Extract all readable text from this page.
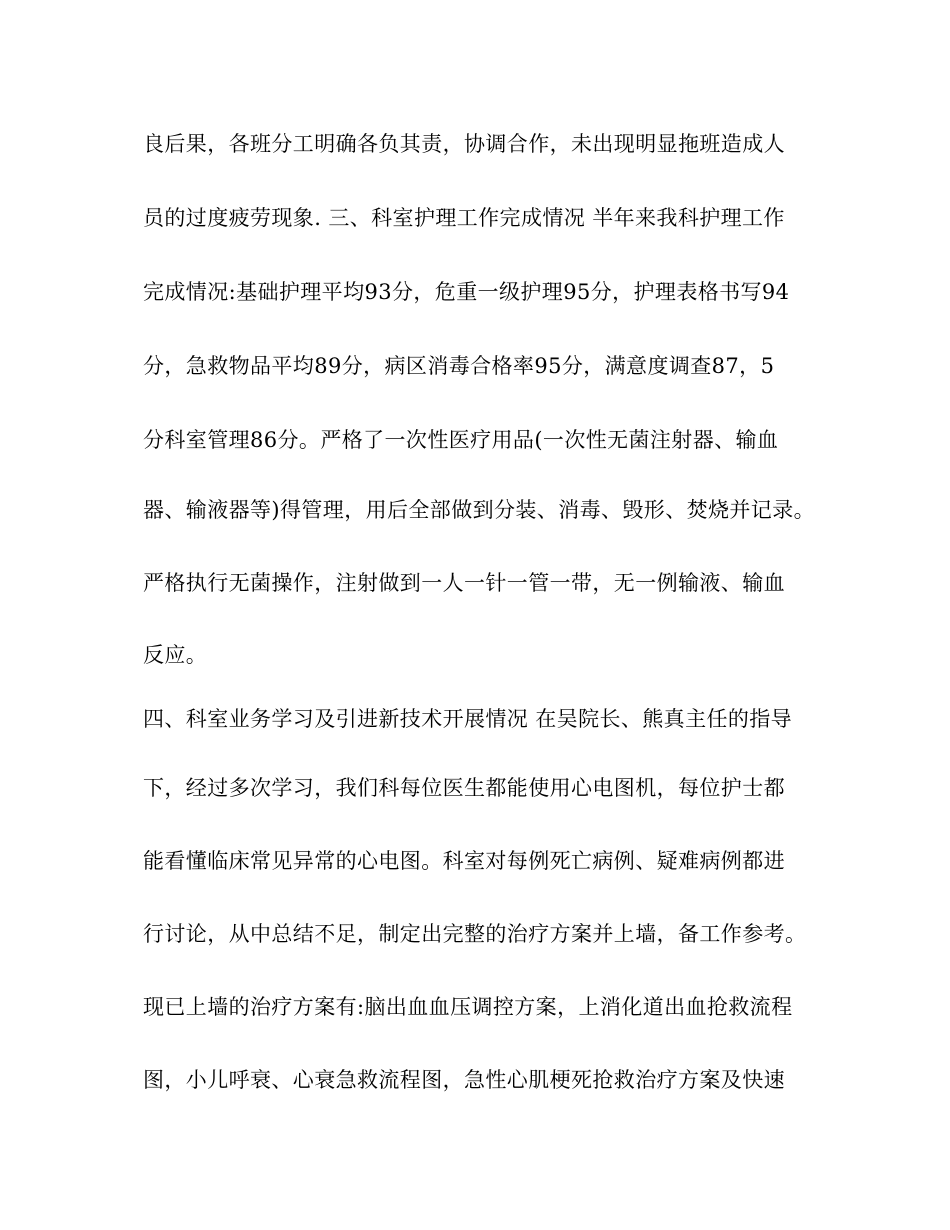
良后果，各班分工明确各负其责，协调合作，未出现明显拖班造成人
员的过度疲劳现象. 三、科室护理工作完成情况 半年来我科护理工作
完成情况:基础护理平均93分，危重一级护理95分，护理表格书写94
分，急救物品平均89分，病区消毒合格率95分，满意度调查87，5
分科室管理86分。严格了一次性医疗用品(一次性无菌注射器、输血
器、输液器等)得管理，用后全部做到分装、消毒、毁形、焚烧并记录。
严格执行无菌操作，注射做到一人一针一管一带，无一例输液、输血
反应。
四、科室业务学习及引进新技术开展情况 在吴院长、熊真主任的指导
下，经过多次学习，我们科每位医生都能使用心电图机，每位护士都
能看懂临床常见异常的心电图。科室对每例死亡病例、疑难病例都进
行讨论，从中总结不足，制定出完整的治疗方案并上墙，备工作参考。
现已上墙的治疗方案有:脑出血血压调控方案，上消化道出血抢救流程
图，小儿呼衰、心衰急救流程图，急性心肌梗死抢救治疗方案及快速
